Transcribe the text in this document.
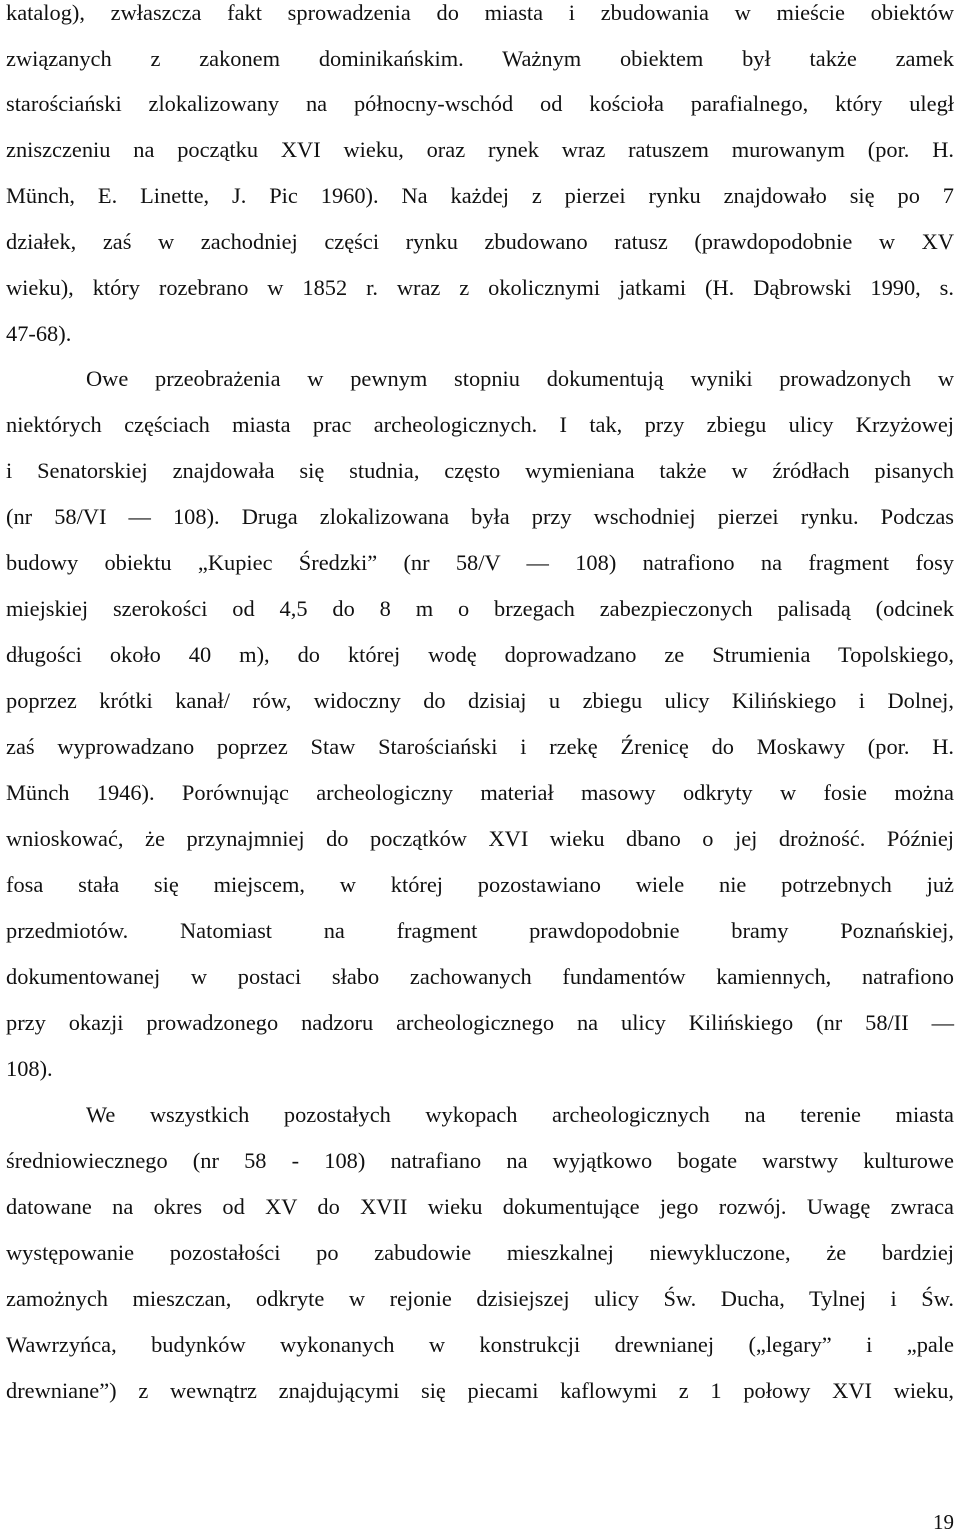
katalog), zwłaszcza fakt sprowadzenia do miasta i zbudowania w mieście obiektów
związanych z zakonem dominikańskim. Ważnym obiektem był także zamek
starościański zlokalizowany na północny-wschód od kościoła parafialnego, który uległ
zniszczeniu na początku XVI wieku, oraz rynek wraz ratuszem murowanym (por. H.
Münch, E. Linette, J. Pic 1960). Na każdej z pierzei rynku znajdowało się po 7
działek, zaś w zachodniej części rynku zbudowano ratusz (prawdopodobnie w XV
wieku), który rozebrano w 1852 r. wraz z okolicznymi jatkami (H. Dąbrowski 1990, s.
47-68).
Owe przeobrażenia w pewnym stopniu dokumentują wyniki prowadzonych w
niektórych częściach miasta prac archeologicznych. I tak, przy zbiegu ulicy Krzyżowej
i Senatorskiej znajdowała się studnia, często wymieniana także w źródłach pisanych
(nr 58/VI — 108). Druga zlokalizowana była przy wschodniej pierzei rynku. Podczas
budowy obiektu „Kupiec Średzki” (nr 58/V — 108) natrafiono na fragment fosy
miejskiej szerokości od 4,5 do 8 m o brzegach zabezpieczonych palisadą (odcinek
długości około 40 m), do której wodę doprowadzano ze Strumienia Topolskiego,
poprzez krótki kanał/ rów, widoczny do dzisiaj u zbiegu ulicy Kilińskiego i Dolnej,
zaś wyprowadzano poprzez Staw Starościański i rzekę Źrenicę do Moskawy (por. H.
Münch 1946). Porównując archeologiczny materiał masowy odkryty w fosie można
wnioskować, że przynajmniej do początków XVI wieku dbano o jej drożność. Później
fosa stała się miejscem, w której pozostawiano wiele nie potrzebnych już
przedmiotów. Natomiast na fragment prawdopodobnie bramy Poznańskiej,
dokumentowanej w postaci słabo zachowanych fundamentów kamiennych, natrafiono
przy okazji prowadzonego nadzoru archeologicznego na ulicy Kilińskiego (nr 58/II —
108).
We wszystkich pozostałych wykopach archeologicznych na terenie miasta
średniowiecznego (nr 58 - 108) natrafiano na wyjątkowo bogate warstwy kulturowe
datowane na okres od XV do XVII wieku dokumentujące jego rozwój. Uwagę zwraca
występowanie pozostałości po zabudowie mieszkalnej niewykluczone, że bardziej
zamożnych mieszczan, odkryte w rejonie dzisiejszej ulicy Św. Ducha, Tylnej i Św.
Wawrzyńca, budynków wykonanych w konstrukcji drewnianej („legary” i „pale
drewniane”) z wewnątrz znajdującymi się piecami kaflowymi z 1 połowy XVI wieku,
19
